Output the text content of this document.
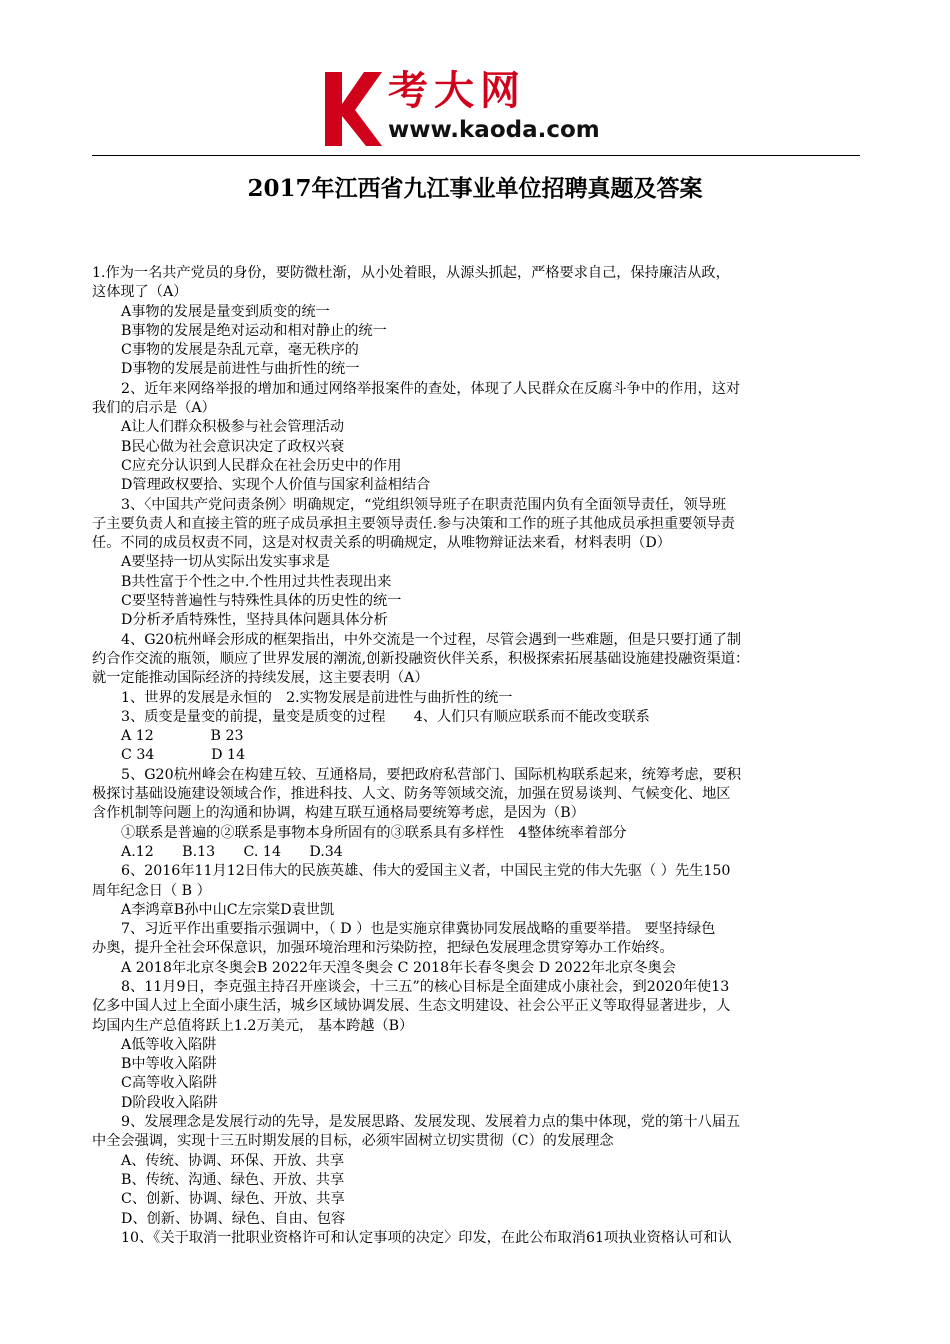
考大网
www.kaoda.com
2017年江西省九江事业单位招聘真题及答案
1.作为一名共产党员的身份，要防微杜渐，从小处着眼，从源头抓起，严格要求自己，保持廉洁从政，
这体现了（A）
A事物的发展是量变到质变的统一
B事物的发展是绝对运动和相对静止的统一
C事物的发展是杂乱元章，毫无秩序的
D事物的发展是前进性与曲折性的统一
2、近年来网络举报的增加和通过网络举报案件的查处，体现了人民群众在反腐斗争中的作用，这对
我们的启示是（A）
A让人们群众积极参与社会管理活动
B民心做为社会意识决定了政权兴衰
C应充分认识到人民群众在社会历史中的作用
D管理政权要拾、实现个人价值与国家利益相结合
3、〈中国共产党问责条例〉明确规定，“党组织领导班子在职责范围内负有全面领导责任，领导班
子主要负责人和直接主管的班子成员承担主要领导责任.参与决策和工作的班子其他成员承担重要领导责
任。不同的成员权责不同，这是对权责关系的明确规定，从唯物辩证法来看，材料表明（D）
A要坚持一切从实际出发实事求是
B共性富于个性之中.个性用过共性表现出来
C要坚特普遍性与特殊性具体的历史性的统一
D分析矛盾特殊性，坚持具体问题具体分析
4、G20杭州峄会形成的框架指出，中外交流是一个过程，尽管会遇到一些难题，但是只要打通了制
约合作交流的瓶领，顺应了世界发展的潮流,创新投融资伙伴关系，积极探索拓展基础设施建投融资渠道：
就一定能推动国际经济的持续发展，这主要表明（A）
1、世界的发展是永恒的　2.实物发展是前进性与曲折性的统一
3、质变是量变的前提，量变是质变的过程　　4、人们只有顺应联系而不能改变联系
A 12　　　　B 23
C 34　　　　D 14
5、G20杭州峰会在构建互较、互通格局，要把政府私营部门、国际机构联系起来，统筹考虑，要积
极探讨基础设施建设领域合作，推进科技、人文、防务等领域交流，加强在贸易谈判、气候变化、地区
含作机制等问题上的沟通和协调，构建互联互通格局要统筹考虑，是因为（B）
①联系是普遍的②联系是事物本身所固有的③联系具有多样性　4整体统率着部分
A.12　　B.13　　C. 14　　D.34
6、2016年11月12日伟大的民族英雄、伟大的爱国主义者，中国民主党的伟大先驱（ ）先生150
周年纪念日（ B ）
A李鸿章B孙中山C左宗棠D袁世凯
7、习近平作出重要指示强调中，（ D ）也是实施京律冀协同发展战略的重要举措。 要坚持绿色
办奥，提升全社会环保意识，加强环境治理和污染防控，把绿色发展理念贯穿筹办工作始终。
A 2018年北京冬奥会B 2022年天湟冬奥会 C 2018年长春冬奥会 D 2022年北京冬奥会
8、11月9日，李克强主持召开座谈会，十三五”的核心目标是全面建成小康社会，到2020年使13
亿多中国人过上全面小康生活，城乡区域协调发展、生态文明建设、社会公平正义等取得显著进步，人
均国内生产总值将跃上1.2万美元， 基本跨越（B）
A低等收入陷阱
B中等收入陷阱
C高等收入陷阱
D阶段收入陷阱
9、发展理念是发展行动的先导，是发展思路、发展发现、发展着力点的集中体现，党的第十八届五
中全会强调，实现十三五时期发展的目标，必须牢固树立切实贯彻（C）的发展理念
A、传统、协调、环保、开放、共享
B、传统、沟通、绿色、开放、共享
C、创新、协调、绿色、开放、共享
D、创新、协调、绿色、自由、包容
10、《关于取消一批职业资格许可和认定事项的决定〉印发，在此公布取消61项执业资格认可和认
